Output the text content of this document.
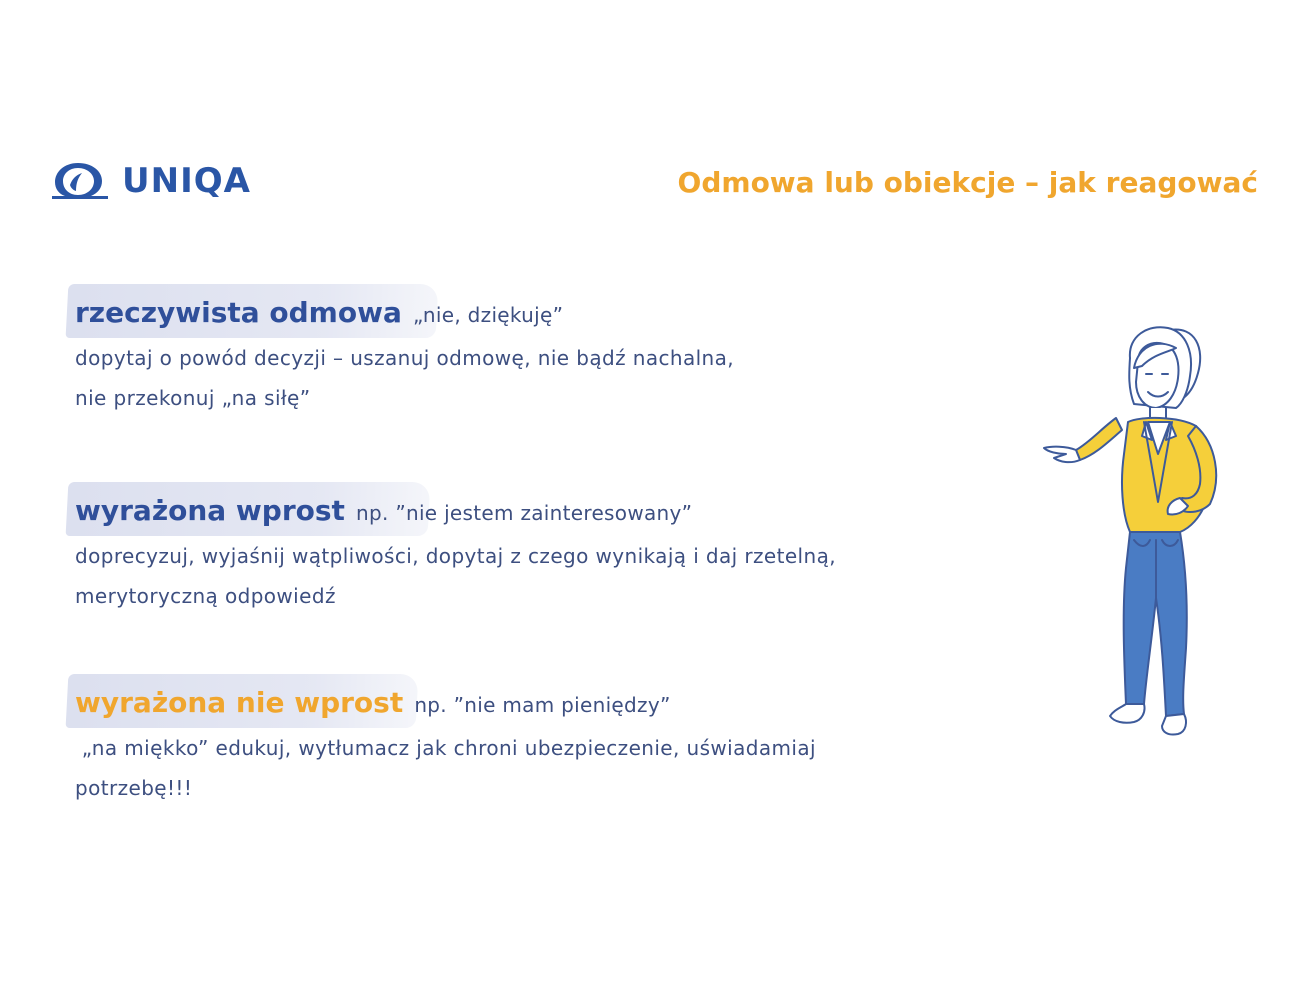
UNIQA	Odmowa lub obiekcje – jak reagować
rzeczywista odmowa „nie, dziękuję”
dopytaj o powód decyzji – uszanuj odmowę, nie bądź nachalna,
nie przekonuj „na siłę”
wyrażona wprost np. ”nie jestem zainteresowany”
doprecyzuj, wyjaśnij wątpliwości, dopytaj z czego wynikają i daj rzetelną,
merytoryczną odpowiedź
wyrażona nie wprost np. ”nie mam pieniędzy”
„na miękko” edukuj, wytłumacz jak chroni ubezpieczenie, uświadamiaj
potrzebę!!!
